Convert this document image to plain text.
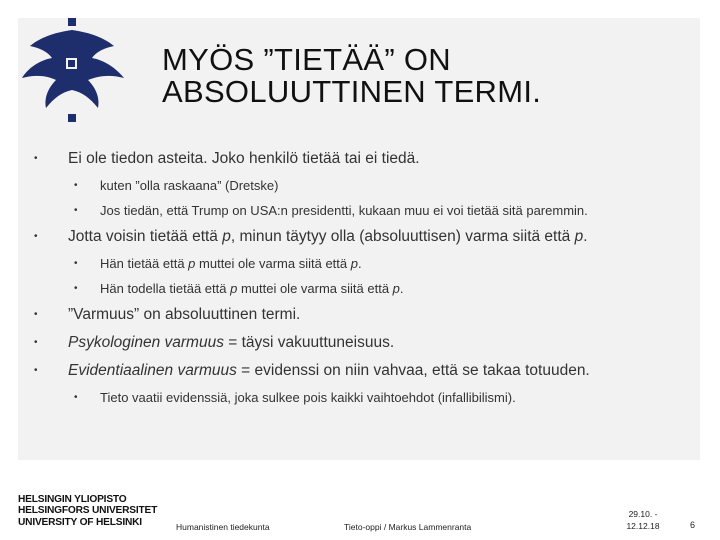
MYÖS ”TIETÄÄ” ON
ABSOLUUTTINEN TERMI.
• Ei ole tiedon asteita. Joko henkilö tietää tai ei tiedä.
• kuten ”olla raskaana” (Dretske)
• Jos tiedän, että Trump on USA:n presidentti, kukaan muu ei voi tietää sitä paremmin.
• Jotta voisin tietää että p, minun täytyy olla (absoluuttisen) varma siitä että p.
• Hän tietää että p muttei ole varma siitä että p.
• Hän todella tietää että p muttei ole varma siitä että p.
• ”Varmuus” on absoluuttinen termi.
• Psykologinen varmuus = täysi vakuuttuneisuus.
• Evidentiaalinen varmuus = evidenssi on niin vahvaa, että se takaa totuuden.
• Tieto vaatii evidenssiä, joka sulkee pois kaikki vaihtoehdot (infallibilismi).
HELSINGIN YLIOPISTO
HELSINGFORS UNIVERSITET
UNIVERSITY OF HELSINKI	Humanistinen tiedekunta	Tieto-oppi / Markus Lammenranta
29.10. -
12.12.18	6
